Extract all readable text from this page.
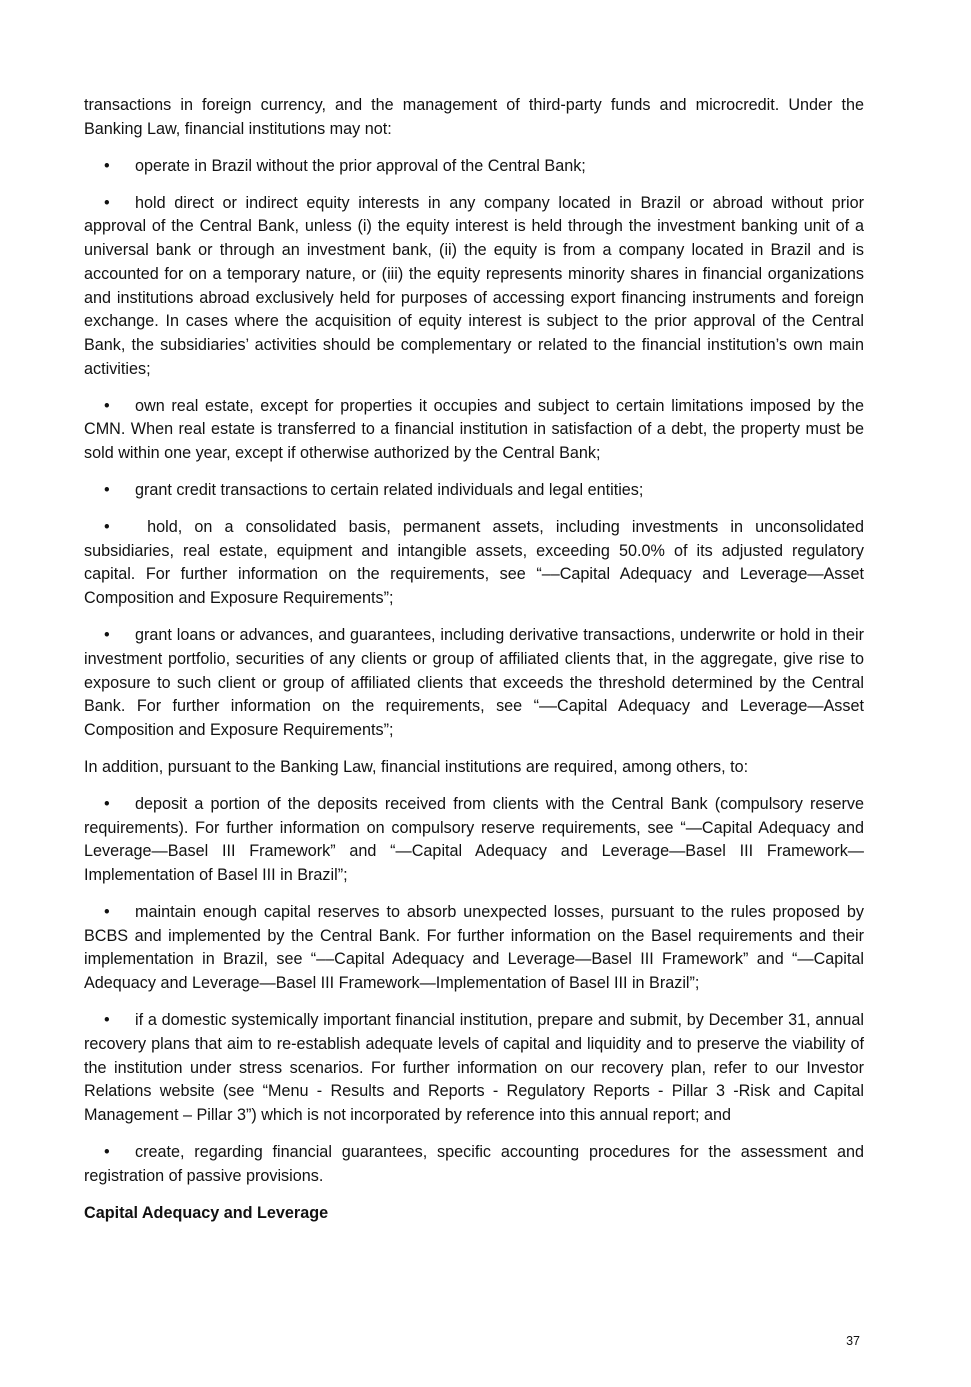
transactions in foreign currency, and the management of third-party funds and microcredit. Under the Banking Law, financial institutions may not:

• operate in Brazil without the prior approval of the Central Bank;

• hold direct or indirect equity interests in any company located in Brazil or abroad without prior approval of the Central Bank, unless (i) the equity interest is held through the investment banking unit of a universal bank or through an investment bank, (ii) the equity is from a company located in Brazil and is accounted for on a temporary nature, or (iii) the equity represents minority shares in financial organizations and institutions abroad exclusively held for purposes of accessing export financing instruments and foreign exchange. In cases where the acquisition of equity interest is subject to the prior approval of the Central Bank, the subsidiaries’ activities should be complementary or related to the financial institution’s own main activities;

• own real estate, except for properties it occupies and subject to certain limitations imposed by the CMN. When real estate is transferred to a financial institution in satisfaction of a debt, the property must be sold within one year, except if otherwise authorized by the Central Bank;

• grant credit transactions to certain related individuals and legal entities;

• hold, on a consolidated basis, permanent assets, including investments in unconsolidated subsidiaries, real estate, equipment and intangible assets, exceeding 50.0% of its adjusted regulatory capital. For further information on the requirements, see “––Capital Adequacy and Leverage—Asset Composition and Exposure Requirements”;

• grant loans or advances, and guarantees, including derivative transactions, underwrite or hold in their investment portfolio, securities of any clients or group of affiliated clients that, in the aggregate, give rise to exposure to such client or group of affiliated clients that exceeds the threshold determined by the Central Bank. For further information on the requirements, see “––Capital Adequacy and Leverage—Asset Composition and Exposure Requirements”;

In addition, pursuant to the Banking Law, financial institutions are required, among others, to:

• deposit a portion of the deposits received from clients with the Central Bank (compulsory reserve requirements). For further information on compulsory reserve requirements, see “—Capital Adequacy and Leverage—Basel III Framework” and “—Capital Adequacy and Leverage—Basel III Framework—Implementation of Basel III in Brazil”;

• maintain enough capital reserves to absorb unexpected losses, pursuant to the rules proposed by BCBS and implemented by the Central Bank. For further information on the Basel requirements and their implementation in Brazil, see “––Capital Adequacy and Leverage—Basel III Framework” and “—Capital Adequacy and Leverage—Basel III Framework—Implementation of Basel III in Brazil”;

• if a domestic systemically important financial institution, prepare and submit, by December 31, annual recovery plans that aim to re-establish adequate levels of capital and liquidity and to preserve the viability of the institution under stress scenarios. For further information on our recovery plan, refer to our Investor Relations website (see “Menu - Results and Reports - Regulatory Reports - Pillar 3 -Risk and Capital Management – Pillar 3”) which is not incorporated by reference into this annual report; and

• create, regarding financial guarantees, specific accounting procedures for the assessment and registration of passive provisions.

Capital Adequacy and Leverage
37
